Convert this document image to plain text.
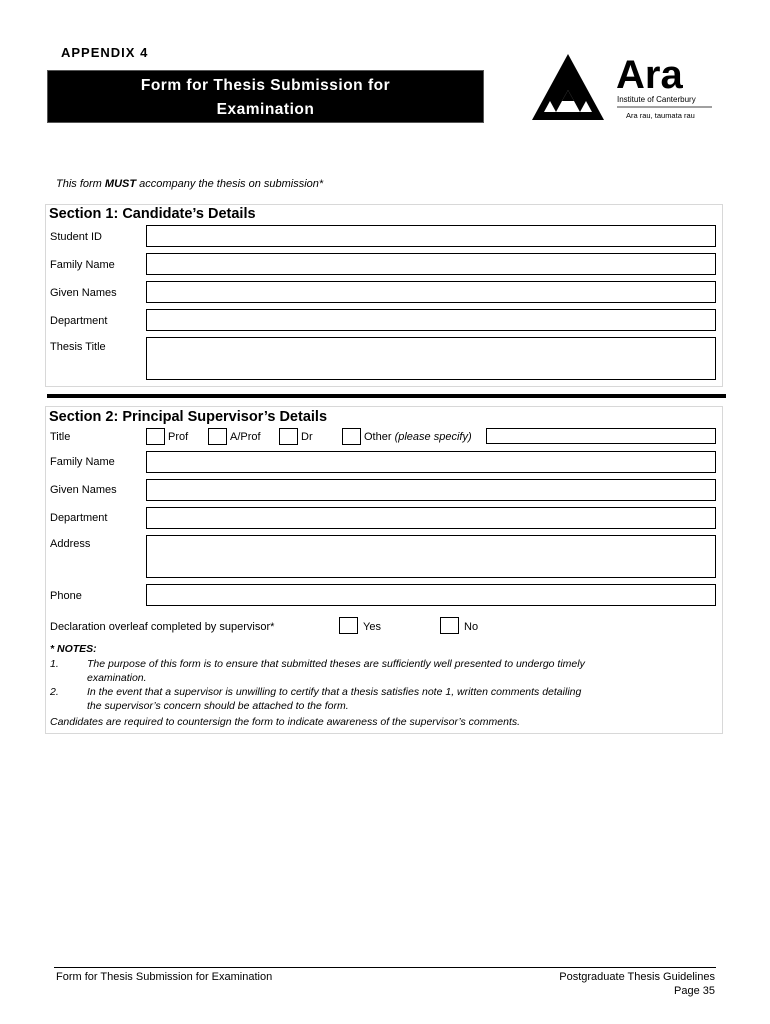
APPENDIX 4
Form for Thesis Submission for
Examination
Ara
Institute of Canterbury
Ara rau, taumata rau
This form MUST accompany the thesis on submission*
Section 1: Candidate’s Details
Student ID
Family Name
Given Names
Department
Thesis Title
Section 2: Principal Supervisor’s Details
Title	Prof	A/Prof	Dr	Other (please specify)
Family Name
Given Names
Department
Address
Phone
Declaration overleaf completed by supervisor*	Yes	No
* NOTES:
1.	The purpose of this form is to ensure that submitted theses are sufficiently well presented to undergo timely
examination.
2.	In the event that a supervisor is unwilling to certify that a thesis satisfies note 1, written comments detailing
the supervisor’s concern should be attached to the form.
Candidates are required to countersign the form to indicate awareness of the supervisor’s comments.
Form for Thesis Submission for Examination	Postgraduate Thesis Guidelines
Page 35
